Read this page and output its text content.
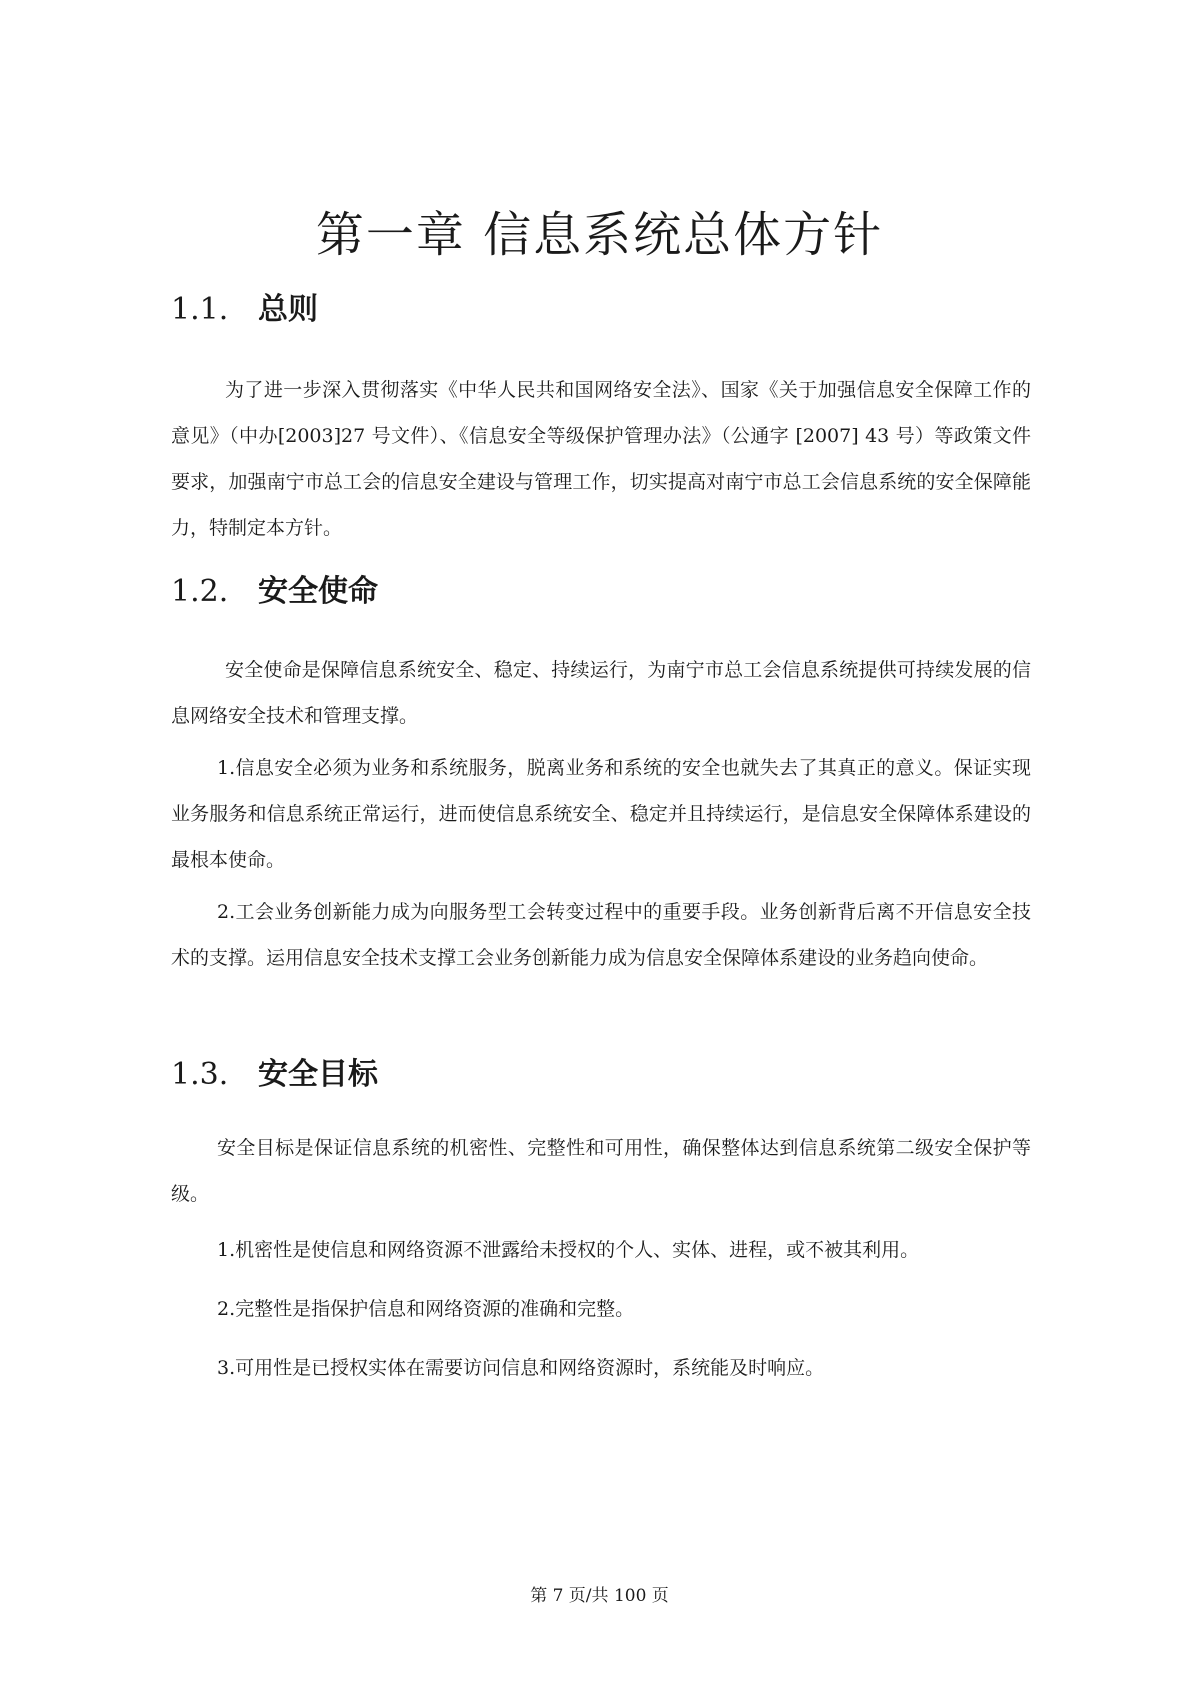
第一章 信息系统总体方针
1.1. 总则

为了进一步深入贯彻落实《中华人民共和国网络安全法》、国家《关于加强信息安全保障工作的意见》（中办[2003]27 号文件）、《信息安全等级保护管理办法》（公通字 [2007] 43 号）等政策文件要求，加强南宁市总工会的信息安全建设与管理工作，切实提高对南宁市总工会信息系统的安全保障能力，特制定本方针。

1.2. 安全使命

安全使命是保障信息系统安全、稳定、持续运行，为南宁市总工会信息系统提供可持续发展的信息网络安全技术和管理支撑。

1.信息安全必须为业务和系统服务，脱离业务和系统的安全也就失去了其真正的意义。保证实现业务服务和信息系统正常运行，进而使信息系统安全、稳定并且持续运行，是信息安全保障体系建设的最根本使命。

2.工会业务创新能力成为向服务型工会转变过程中的重要手段。业务创新背后离不开信息安全技术的支撑。运用信息安全技术支撑工会业务创新能力成为信息安全保障体系建设的业务趋向使命。

1.3. 安全目标

安全目标是保证信息系统的机密性、完整性和可用性，确保整体达到信息系统第二级安全保护等级。

1.机密性是使信息和网络资源不泄露给未授权的个人、实体、进程，或不被其利用。

2.完整性是指保护信息和网络资源的准确和完整。

3.可用性是已授权实体在需要访问信息和网络资源时，系统能及时响应。

第 7 页/共 100 页
